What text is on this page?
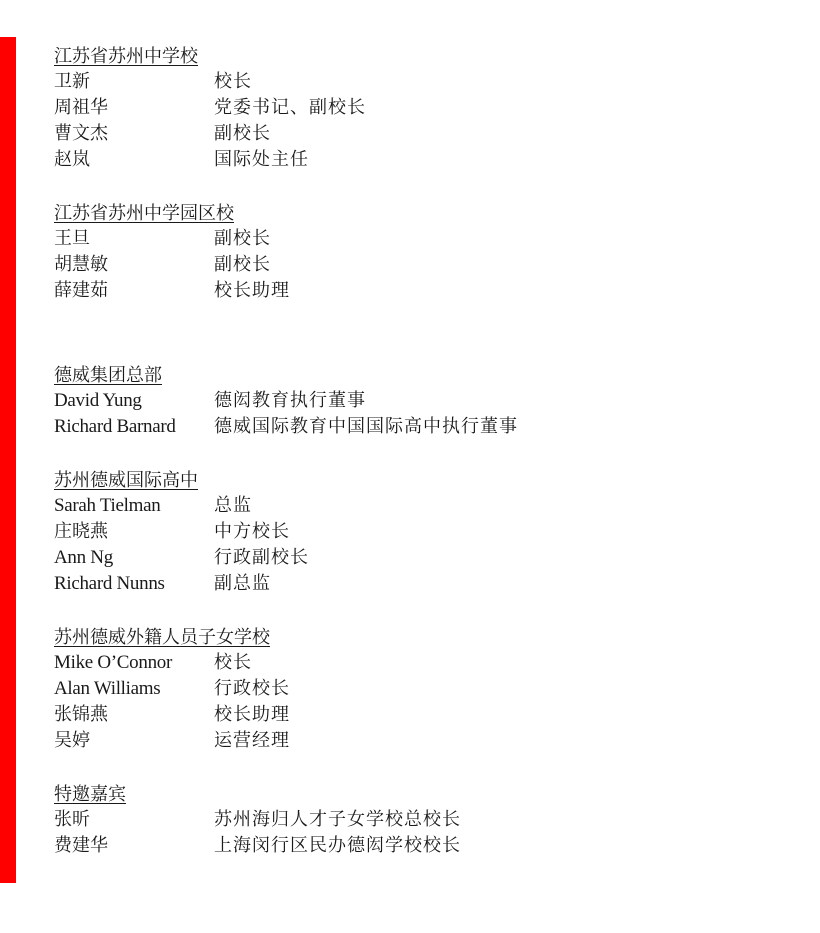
江苏省苏州中学校
卫新	校长
周祖华	党委书记、副校长
曹文杰	副校长
赵岚	国际处主任
江苏省苏州中学园区校
王旦	副校长
胡慧敏	副校长
薛建茹	校长助理
德威集团总部
David Yung	德闳教育执行董事
Richard Barnard	德威国际教育中国国际高中执行董事
苏州德威国际高中
Sarah Tielman	总监
庄晓燕	中方校长
Ann Ng	行政副校长
Richard Nunns	副总监
苏州德威外籍人员子女学校
Mike O’Connor	校长
Alan Williams	行政校长
张锦燕	校长助理
吴婷	运营经理
特邀嘉宾
张昕	苏州海归人才子女学校总校长
费建华	上海闵行区民办德闳学校校长
